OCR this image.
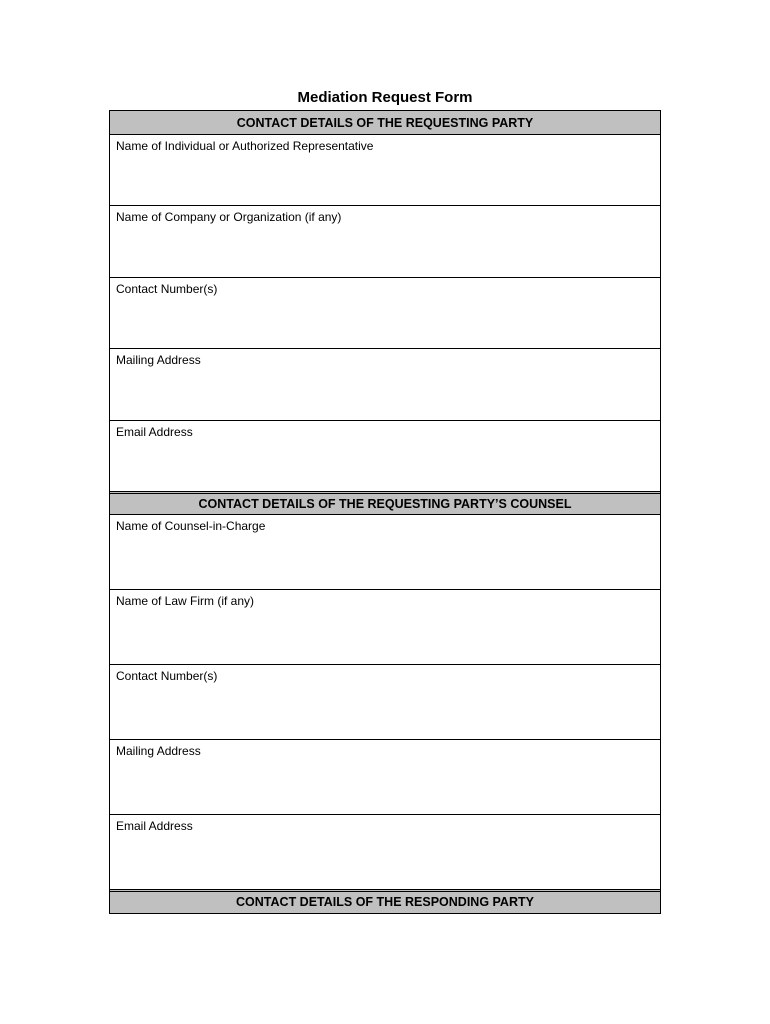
Mediation Request Form
CONTACT DETAILS OF THE REQUESTING PARTY
Name of Individual or Authorized Representative
Name of Company or Organization (if any)
Contact Number(s)
Mailing Address
Email Address
CONTACT DETAILS OF THE REQUESTING PARTY’S COUNSEL
Name of Counsel-in-Charge
Name of Law Firm (if any)
Contact Number(s)
Mailing Address
Email Address
CONTACT DETAILS OF THE RESPONDING PARTY
